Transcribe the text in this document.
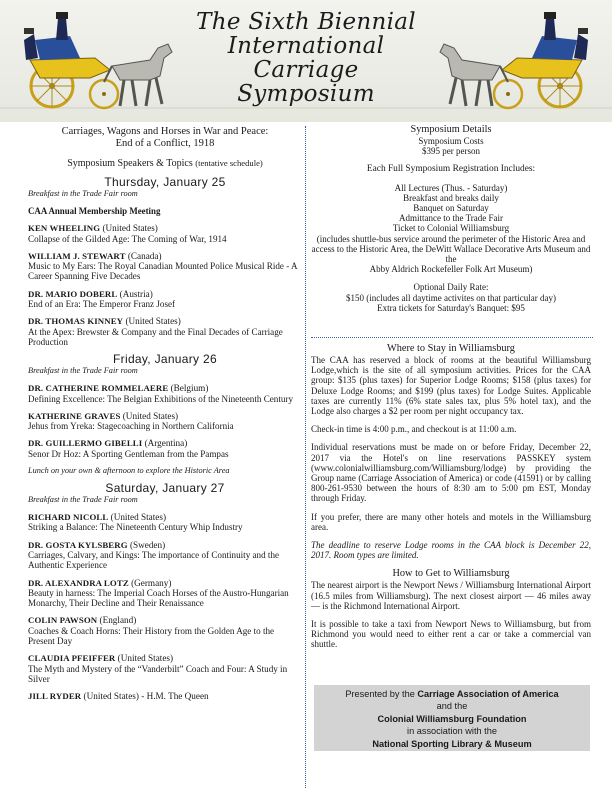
The Sixth Biennial
International
Carriage
Symposium
Carriages, Wagons and Horses in War and Peace:
End of a Conflict, 1918
Symposium Speakers & Topics (tentative schedule)
Thursday, January 25
Breakfast in the Trade Fair room
CAA Annual Membership Meeting
KEN WHEELING (United States)
Collapse of the Gilded Age: The Coming of War, 1914
WILLIAM J. STEWART (Canada)
Music to My Ears: The Royal Canadian Mounted Police Musical Ride - A Career Spanning Five Decades
DR. MARIO DOBERL (Austria)
End of an Era: The Emperor Franz Josef
DR. THOMAS KINNEY (United States)
At the Apex: Brewster & Company and the Final Decades of Carriage Production
Friday, January 26
Breakfast in the Trade Fair room
DR. CATHERINE ROMMELAERE (Belgium)
Defining Excellence: The Belgian Exhibitions of the Nineteenth Century
KATHERINE GRAVES (United States)
Jehus from Yreka: Stagecoaching in Northern California
DR. GUILLERMO GIBELLI (Argentina)
Senor Dr Hoz: A Sporting Gentleman from the Pampas
Lunch on your own & afternoon to explore the Historic Area
Saturday, January 27
Breakfast in the Trade Fair room
RICHARD NICOLL (United States)
Striking a Balance: The Nineteenth Century Whip Industry
DR. GOSTA KYLSBERG (Sweden)
Carriages, Calvary, and Kings: The importance of Continuity and the Authentic Experience
DR. ALEXANDRA LOTZ (Germany)
Beauty in harness: The Imperial Coach Horses of the Austro-Hungarian Monarchy, Their Decline and Their Renaissance
COLIN PAWSON (England)
Coaches & Coach Horns: Their History from the Golden Age to the Present Day
CLAUDIA PFEIFFER (United States)
The Myth and Mystery of the “Vanderbilt” Coach and Four: A Study in Silver
JILL RYDER (United States) - H.M. The Queen
Symposium Details
Symposium Costs
$395 per person
Each Full Symposium Registration Includes:
All Lectures (Thus. - Saturday)
Breakfast and breaks daily
Banquet on Saturday
Admittance to the Trade Fair
Ticket to Colonial Williamsburg
(includes shuttle-bus service around the perimeter of the Historic Area and access to the Historic Area, the DeWitt Wallace Decorative Arts Museum and the
Abby Aldrich Rockefeller Folk Art Museum)
Optional Daily Rate:
$150 (includes all daytime activites on that particular day)
Extra tickets for Saturday's Banquet: $95
Where to Stay in Williamsburg
The CAA has reserved a block of rooms at the beautiful Williamsburg Lodge,which is the site of all symposium activities. Prices for the CAA group: $135 (plus taxes) for Superior Lodge Rooms; $158 (plus taxes) for Deluxe Lodge Rooms; and $199 (plus taxes) for Lodge Suites. Applicable taxes are currently 11% (6% state sales tax, plus 5% hotel tax), and the Lodge also charges a $2 per room per night occupancy tax.
Check-in time is 4:00 p.m., and checkout is at 11:00 a.m.
Individual reservations must be made on or before Friday, December 22, 2017 via the Hotel's on line reservations PASSKEY system (www.colonialwilliamsburg.com/Williamsburg/lodge) by providing the Group name (Carriage Association of America) or code (41591) or by calling 800-261-9530 between the hours of 8:30 am to 5:00 pm EST, Monday through Friday.
If you prefer, there are many other hotels and motels in the Williamsburg area.
The deadline to reserve Lodge rooms in the CAA block is December 22, 2017. Room types are limited.
How to Get to Williamsburg
The nearest airport is the Newport News / Williamsburg International Airport (16.5 miles from Williamsburg). The next closest airport — 46 miles away — is the Richmond International Airport.
It is possible to take a taxi from Newport News to Williamsburg, but from Richmond you would need to either rent a car or take a commercial van shuttle.
Presented by the Carriage Association of America
and the
Colonial Williamsburg Foundation
in association with the
National Sporting Library & Museum
